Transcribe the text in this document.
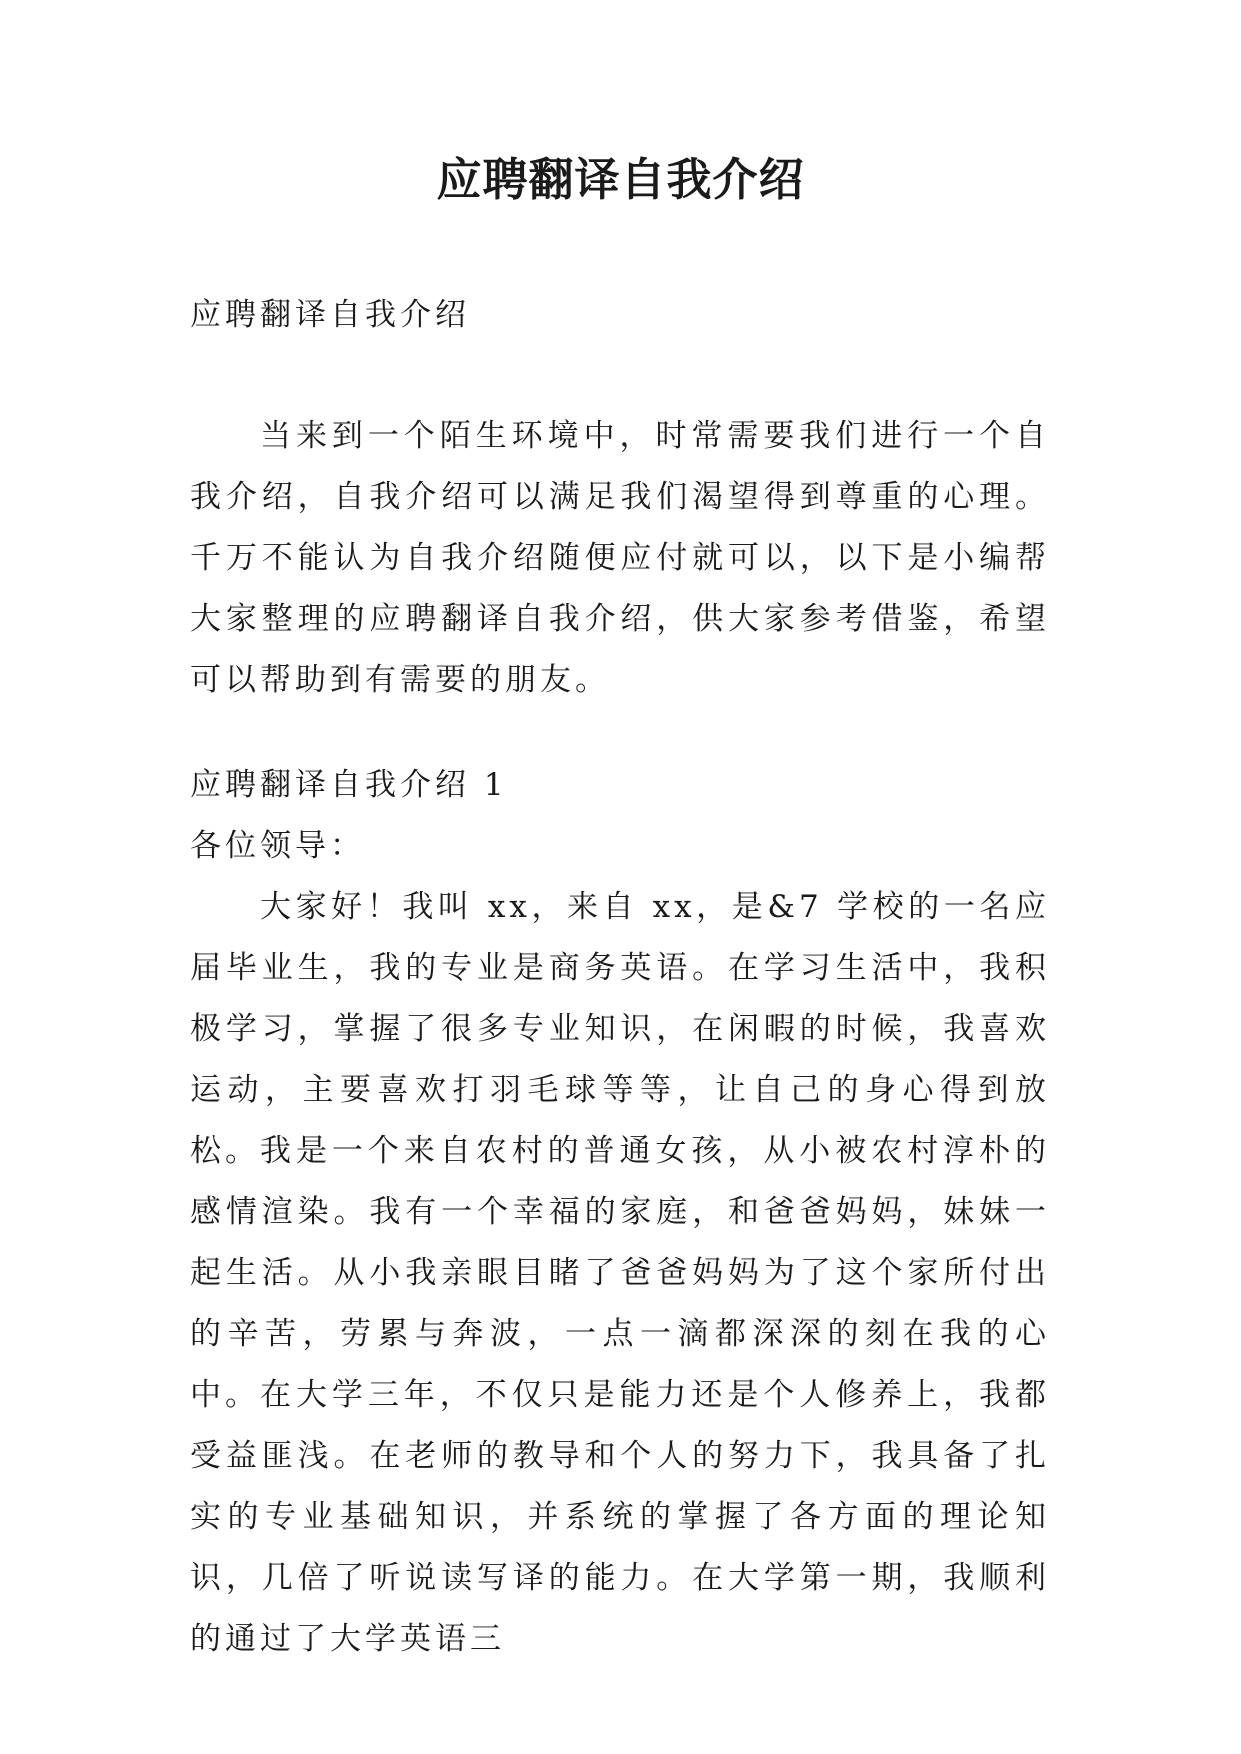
应聘翻译自我介绍

应聘翻译自我介绍

当来到一个陌生环境中，时常需要我们进行一个自我介绍，自我介绍可以满足我们渴望得到尊重的心理。千万不能认为自我介绍随便应付就可以，以下是小编帮大家整理的应聘翻译自我介绍，供大家参考借鉴，希望可以帮助到有需要的朋友。

应聘翻译自我介绍 1

各位领导：

大家好！我叫 xx，来自 xx，是&7 学校的一名应届毕业生，我的专业是商务英语。在学习生活中，我积极学习，掌握了很多专业知识，在闲暇的时候，我喜欢运动，主要喜欢打羽毛球等等，让自己的身心得到放松。 我是一个来自农村的普通女孩，从小被农村淳朴的感情渲染。我有一个幸福的家庭，和爸爸妈妈，妹妹一起生活。从小我亲眼目睹了爸爸妈妈为了这个家所付出的辛苦，劳累与奔波，一点一滴都深深的刻在我的心中。 在大学三年，不仅只是能力还是个人修养上，我都受益匪浅。在老师的教导和个人的努力下，我具备了扎实的专业基础知识，并系统的掌握了各方面的理论知识，几倍了听说读写译的能力。在大学第一期，我顺利的通过了大学英语三
